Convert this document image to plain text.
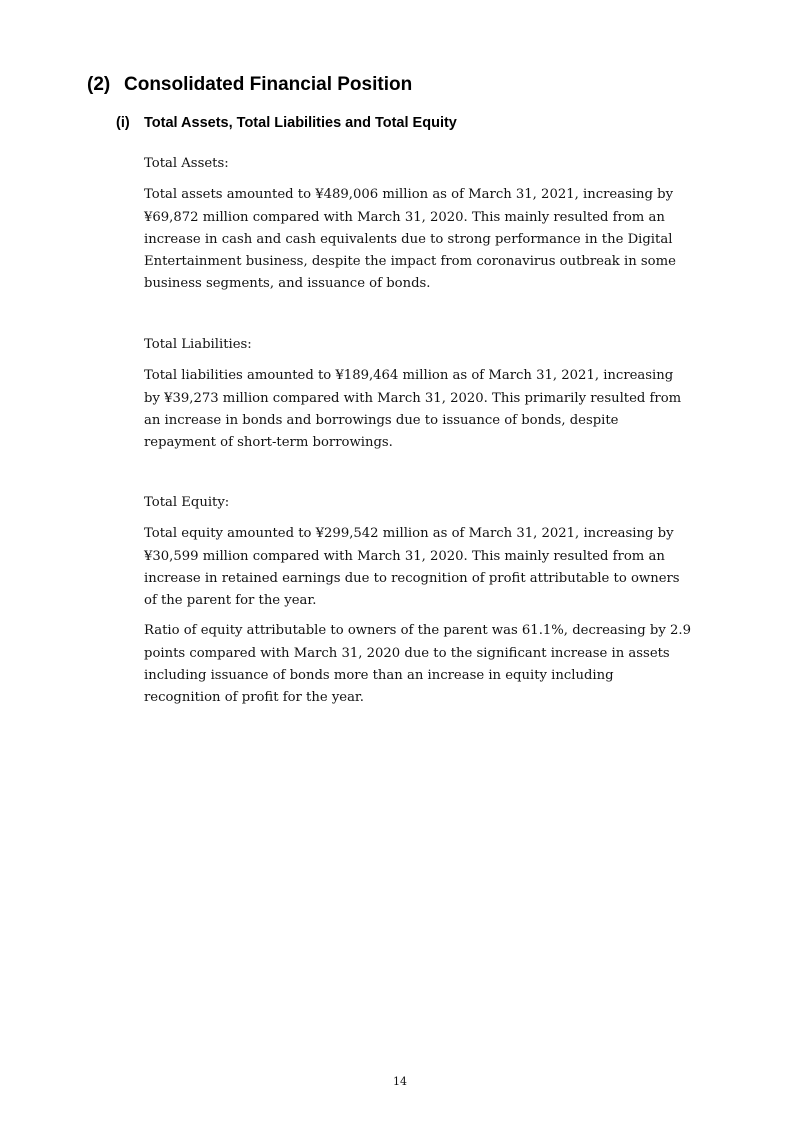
(2) Consolidated Financial Position
(i) Total Assets, Total Liabilities and Total Equity
Total Assets:

Total assets amounted to ¥489,006 million as of March 31, 2021, increasing by ¥69,872 million compared with March 31, 2020. This mainly resulted from an increase in cash and cash equivalents due to strong performance in the Digital Entertainment business, despite the impact from coronavirus outbreak in some business segments, and issuance of bonds.

Total Liabilities:

Total liabilities amounted to ¥189,464 million as of March 31, 2021, increasing by ¥39,273 million compared with March 31, 2020. This primarily resulted from an increase in bonds and borrowings due to issuance of bonds, despite repayment of short-term borrowings.

Total Equity:

Total equity amounted to ¥299,542 million as of March 31, 2021, increasing by ¥30,599 million compared with March 31, 2020. This mainly resulted from an increase in retained earnings due to recognition of profit attributable to owners of the parent for the year.

Ratio of equity attributable to owners of the parent was 61.1%, decreasing by 2.9 points compared with March 31, 2020 due to the significant increase in assets including issuance of bonds more than an increase in equity including recognition of profit for the year.

14
